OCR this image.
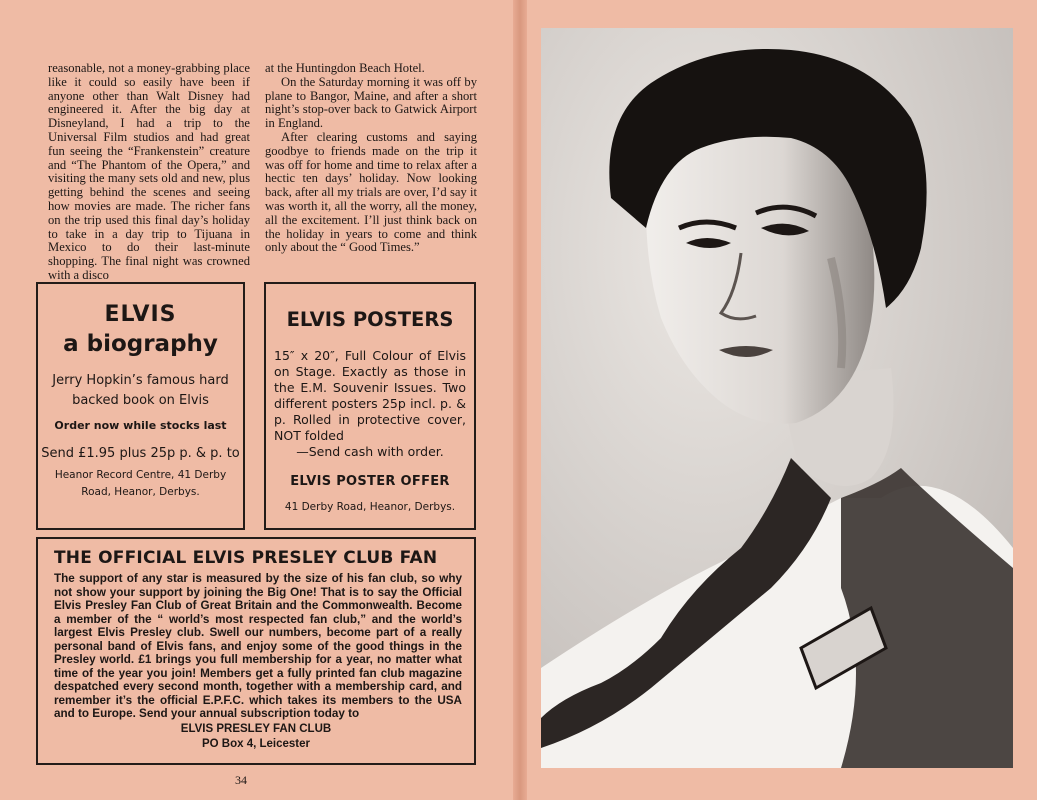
reasonable, not a money-grabbing place like it could so easily have been if anyone other than Walt Disney had engineered it. After the big day at Disneyland, I had a trip to the Universal Film studios and had great fun seeing the “Frankenstein” creature and “The Phantom of the Opera,” and visiting the many sets old and new, plus getting behind the scenes and seeing how movies are made. The richer fans on the trip used this final day’s holiday to take in a day trip to Tijuana in Mexico to do their last-minute shopping. The final night was crowned with a disco

at the Huntingdon Beach Hotel.

On the Saturday morning it was off by plane to Bangor, Maine, and after a short night’s stop-over back to Gatwick Airport in England.

After clearing customs and saying goodbye to friends made on the trip it was off for home and time to relax after a hectic ten days’ holiday. Now looking back, after all my trials are over, I’d say it was worth it, all the worry, all the money, all the excitement. I’ll just think back on the holiday in years to come and think only about the “ Good Times.”

ELVIS
a biography
Jerry Hopkin’s famous hard backed book on Elvis
Order now while stocks last
Send £1.95 plus 25p p. & p. to
Heanor Record Centre, 41 Derby Road, Heanor, Derbys.
ELVIS POSTERS
15″ x 20″, Full Colour of Elvis on Stage. Exactly as those in the E.M. Souvenir Issues. Two different posters 25p incl. p. & p. Rolled in protective cover, NOT folded
—Send cash with order.
ELVIS POSTER OFFER
41 Derby Road, Heanor, Derbys.
THE OFFICIAL ELVIS PRESLEY CLUB FAN
The support of any star is measured by the size of his fan club, so why not show your support by joining the Big One! That is to say the Official Elvis Presley Fan Club of Great Britain and the Commonwealth. Become a member of the “ world’s most respected fan club,” and the world’s largest Elvis Presley club. Swell our numbers, become part of a really personal band of Elvis fans, and enjoy some of the good things in the Presley world. £1 brings you full membership for a year, no matter what time of the year you join! Members get a fully printed fan club magazine despatched every second month, together with a membership card, and remember it’s the official E.P.F.C. which takes its members to the USA and to Europe. Send your annual subscription today to
ELVIS PRESLEY FAN CLUB
PO Box 4, Leicester
34
